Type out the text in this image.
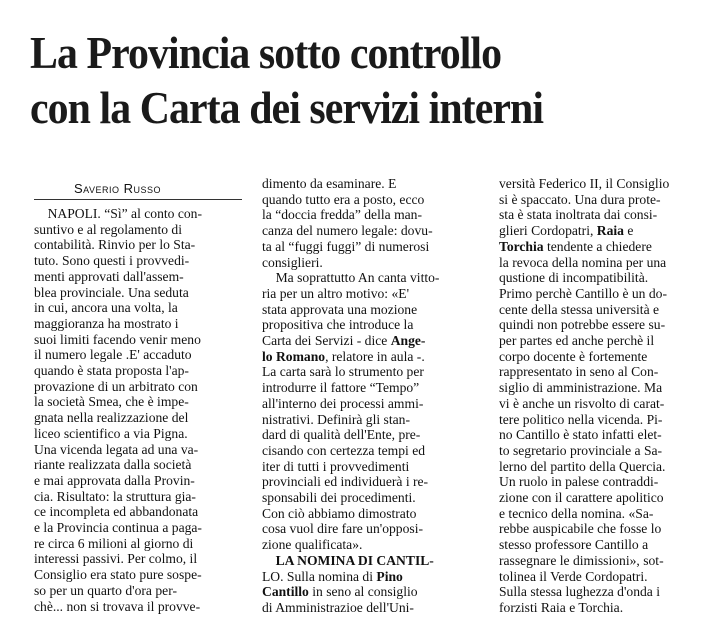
La Provincia sotto controllo
con la Carta dei servizi interni
Saverio Russo
NAPOLI. “Sì” al conto con-
suntivo e al regolamento di
contabilità. Rinvio per lo Sta-
tuto. Sono questi i provvedi-
menti approvati dall'assem-
blea provinciale. Una seduta
in cui, ancora una volta, la
maggioranza ha mostrato i
suoi limiti facendo venir meno
il numero legale .E' accaduto
quando è stata proposta l'ap-
provazione di un arbitrato con
la società Smea, che è impe-
gnata nella realizzazione del
liceo scientifico a via Pigna.
Una vicenda legata ad una va-
riante realizzata dalla società
e mai approvata dalla Provin-
cia. Risultato: la struttura gia-
ce incompleta ed abbandonata
e la Provincia continua a paga-
re circa 6 milioni al giorno di
interessi passivi. Per colmo, il
Consiglio era stato pure sospe-
so per un quarto d'ora per-
chè... non si trovava il provve-
dimento da esaminare. E
quando tutto era a posto, ecco
la “doccia fredda” della man-
canza del numero legale: dovu-
ta al “fuggi fuggi” di numerosi
consiglieri.
Ma soprattutto An canta vitto-
ria per un altro motivo: «E'
stata approvata una mozione
propositiva che introduce la
Carta dei Servizi - dice Ange-
lo Romano, relatore in aula -.
La carta sarà lo strumento per
introdurre il fattore “Tempo”
all'interno dei processi ammi-
nistrativi. Definirà gli stan-
dard di qualità dell'Ente, pre-
cisando con certezza tempi ed
iter di tutti i provvedimenti
provinciali ed individuerà i re-
sponsabili dei procedimenti.
Con ciò abbiamo dimostrato
cosa vuol dire fare un'opposi-
zione qualificata».
LA NOMINA DI CANTIL-
LO. Sulla nomina di Pino
Cantillo in seno al consiglio
di Amministrazioe dell'Uni-
versità Federico II, il Consiglio
si è spaccato. Una dura prote-
sta è stata inoltrata dai consi-
glieri Cordopatri, Raia e
Torchia tendente a chiedere
la revoca della nomina per una
qustione di incompatibilità.
Primo perchè Cantillo è un do-
cente della stessa università e
quindi non potrebbe essere su-
per partes ed anche perchè il
corpo docente è fortemente
rappresentato in seno al Con-
siglio di amministrazione. Ma
vi è anche un risvolto di carat-
tere politico nella vicenda. Pi-
no Cantillo è stato infatti elet-
to segretario provinciale a Sa-
lerno del partito della Quercia.
Un ruolo in palese contraddi-
zione con il carattere apolitico
e tecnico della nomina. «Sa-
rebbe auspicabile che fosse lo
stesso professore Cantillo a
rassegnare le dimissioni», sot-
tolinea il Verde Cordopatri.
Sulla stessa lughezza d'onda i
forzisti Raia e Torchia.
